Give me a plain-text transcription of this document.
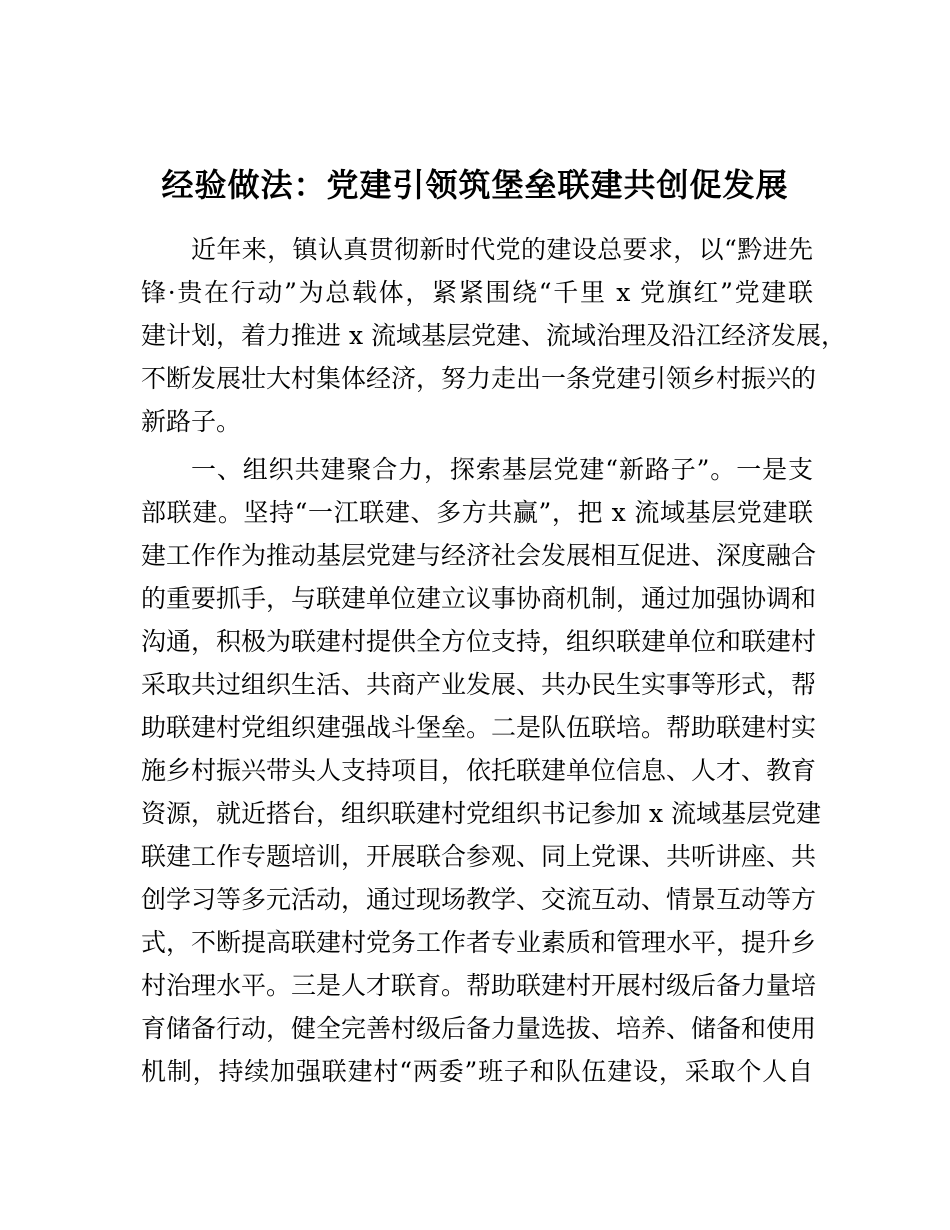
经验做法：党建引领筑堡垒联建共创促发展
近年来，镇认真贯彻新时代党的建设总要求，以“黔进先
锋·贵在行动”为总载体，紧紧围绕“千里 x 党旗红”党建联
建计划，着力推进 x 流域基层党建、流域治理及沿江经济发展，
不断发展壮大村集体经济，努力走出一条党建引领乡村振兴的
新路子。
一、组织共建聚合力，探索基层党建“新路子”。一是支
部联建。坚持“一江联建、多方共赢”，把 x 流域基层党建联
建工作作为推动基层党建与经济社会发展相互促进、深度融合
的重要抓手，与联建单位建立议事协商机制，通过加强协调和
沟通，积极为联建村提供全方位支持，组织联建单位和联建村
采取共过组织生活、共商产业发展、共办民生实事等形式，帮
助联建村党组织建强战斗堡垒。二是队伍联培。帮助联建村实
施乡村振兴带头人支持项目，依托联建单位信息、人才、教育
资源，就近搭台，组织联建村党组织书记参加 x 流域基层党建
联建工作专题培训，开展联合参观、同上党课、共听讲座、共
创学习等多元活动，通过现场教学、交流互动、情景互动等方
式，不断提高联建村党务工作者专业素质和管理水平，提升乡
村治理水平。三是人才联育。帮助联建村开展村级后备力量培
育储备行动，健全完善村级后备力量选拔、培养、储备和使用
机制，持续加强联建村“两委”班子和队伍建设，采取个人自
